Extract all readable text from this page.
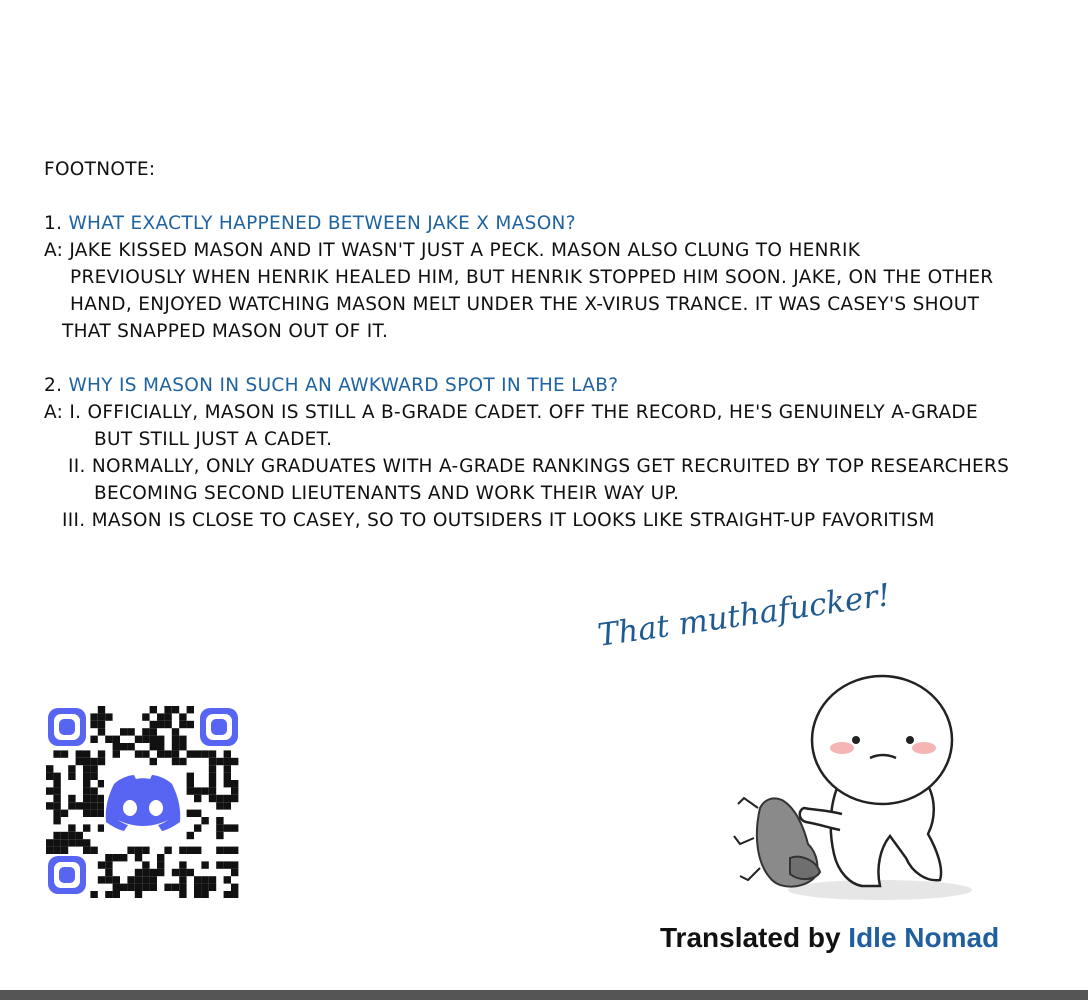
FOOTNOTE:
1. WHAT EXACTLY HAPPENED BETWEEN JAKE X MASON?
A: JAKE KISSED MASON AND IT WASN'T JUST A PECK. MASON ALSO CLUNG TO HENRIK
PREVIOUSLY WHEN HENRIK HEALED HIM, BUT HENRIK STOPPED HIM SOON. JAKE, ON THE OTHER
HAND, ENJOYED WATCHING MASON MELT UNDER THE X-VIRUS TRANCE. IT WAS CASEY'S SHOUT
THAT SNAPPED MASON OUT OF IT.
2. WHY IS MASON IN SUCH AN AWKWARD SPOT IN THE LAB?
A: I. OFFICIALLY, MASON IS STILL A B-GRADE CADET. OFF THE RECORD, HE'S GENUINELY A-GRADE
BUT STILL JUST A CADET.
II. NORMALLY, ONLY GRADUATES WITH A-GRADE RANKINGS GET RECRUITED BY TOP RESEARCHERS
BECOMING SECOND LIEUTENANTS AND WORK THEIR WAY UP.
III. MASON IS CLOSE TO CASEY, SO TO OUTSIDERS IT LOOKS LIKE STRAIGHT-UP FAVORITISM
That muthafucker!
Translated by Idle Nomad
